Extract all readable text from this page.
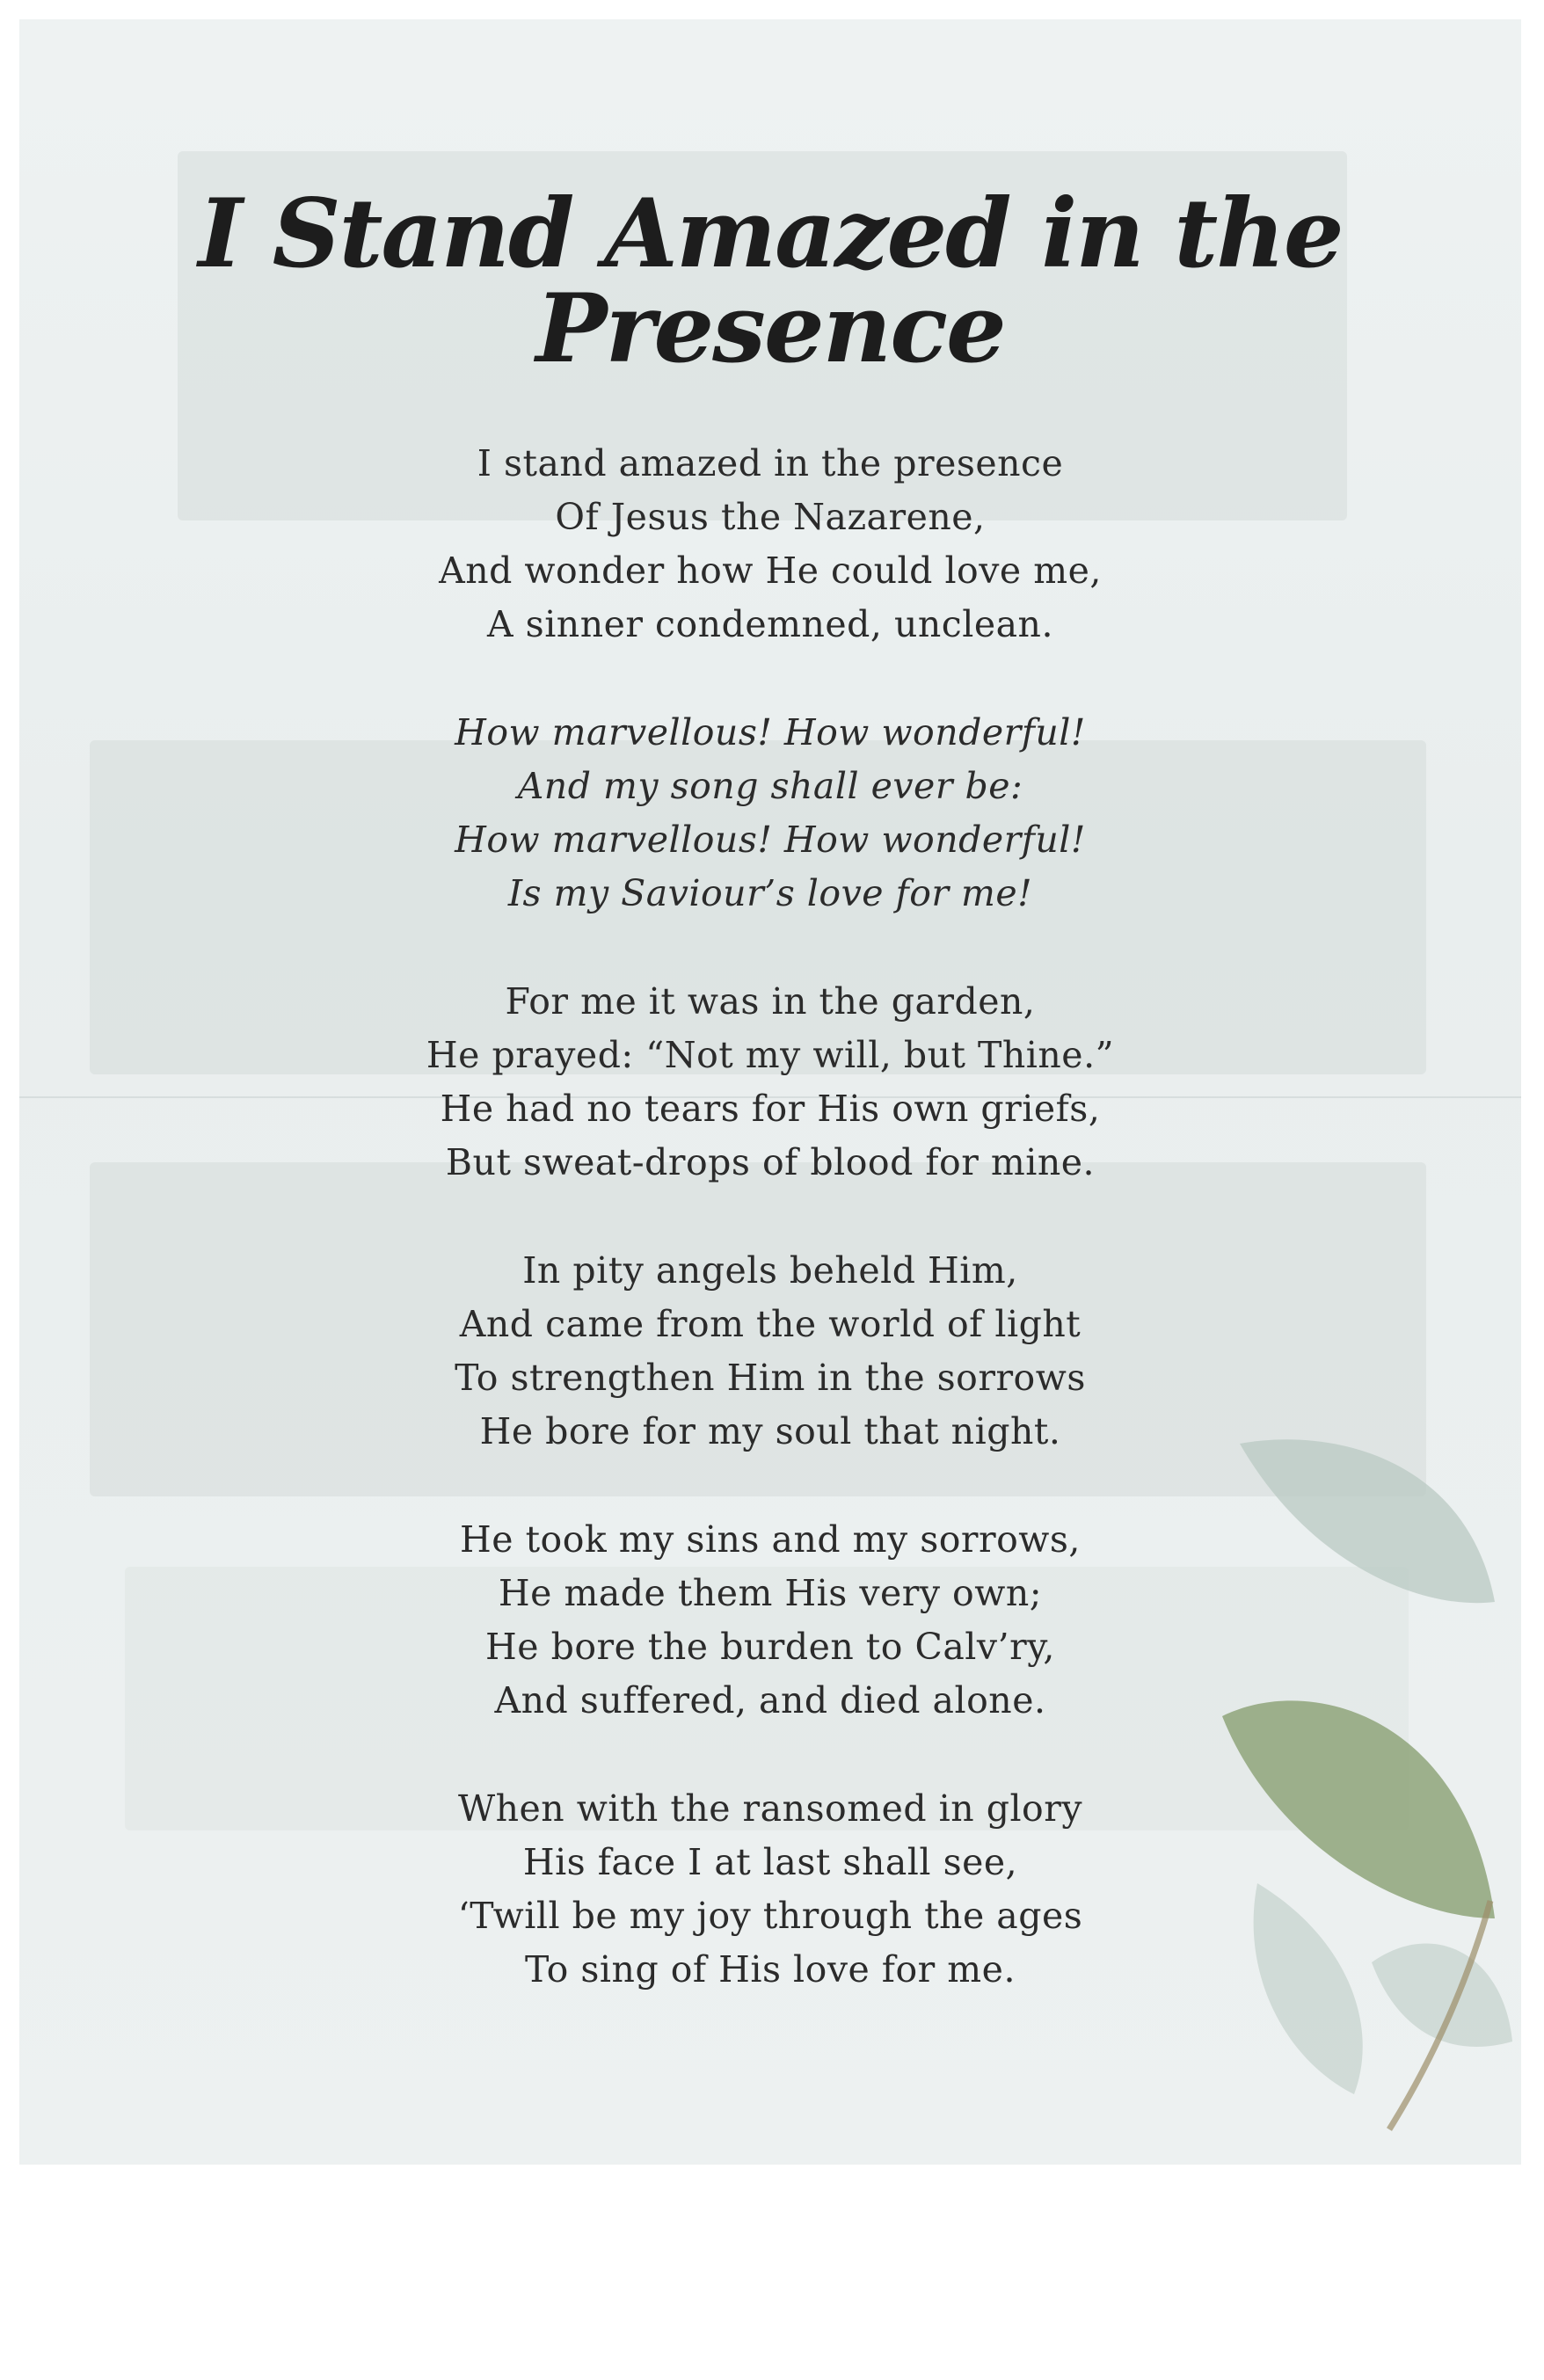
I Stand Amazed in the Presence
I stand amazed in the presence
Of Jesus the Nazarene,
And wonder how He could love me,
A sinner condemned, unclean.
How marvellous! How wonderful!
And my song shall ever be:
How marvellous! How wonderful!
Is my Saviour’s love for me!
For me it was in the garden,
He prayed: “Not my will, but Thine.”
He had no tears for His own griefs,
But sweat-drops of blood for mine.
In pity angels beheld Him,
And came from the world of light
To strengthen Him in the sorrows
He bore for my soul that night.
He took my sins and my sorrows,
He made them His very own;
He bore the burden to Calv’ry,
And suffered, and died alone.
When with the ransomed in glory
His face I at last shall see,
‘Twill be my joy through the ages
To sing of His love for me.
